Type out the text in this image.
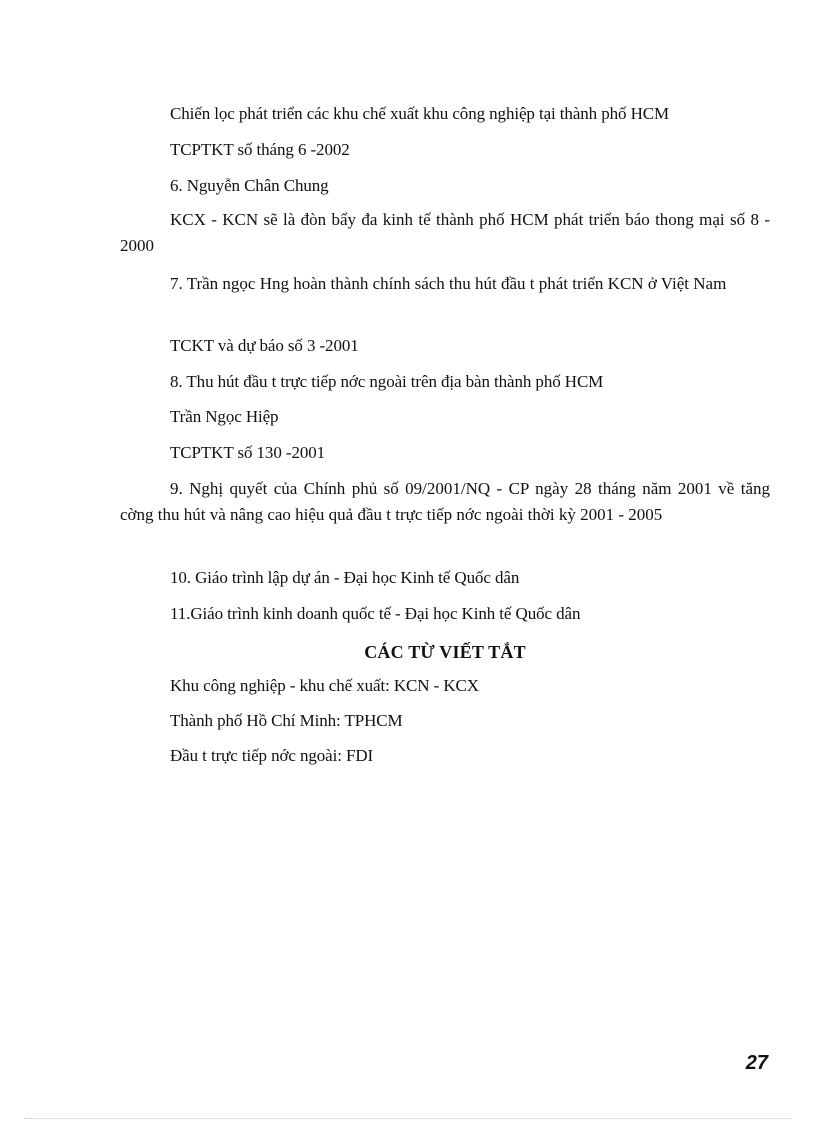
Chiến lọc phát triển các khu chế xuất khu công nghiệp tại thành phố HCM
TCPTKT số tháng 6 -2002
6. Nguyễn Chân Chung
KCX - KCN sẽ là đòn bẩy đa kinh tế thành phố HCM phát triển báo thong mại số 8 - 2000
7. Trần ngọc Hng hoàn thành chính sách thu hút đầu t phát triển KCN ở Việt Nam
TCKT và dự báo số 3 -2001
8. Thu hút đầu t trực tiếp nớc ngoài trên địa bàn thành phố HCM
Trần Ngọc Hiệp
TCPTKT số 130 -2001
9. Nghị quyết của Chính phủ số 09/2001/NQ - CP ngày 28 tháng năm 2001 về tăng cờng thu hút và nâng cao hiệu quả đầu t trực tiếp nớc ngoài thời kỳ 2001 - 2005
10. Giáo trình lập dự án - Đại học Kinh tế Quốc dân
11.Giáo trình kinh doanh quốc tế - Đại học Kinh tế Quốc dân
CÁC TỪ VIẾT TẮT
Khu công nghiệp - khu chế xuất: KCN - KCX
Thành phố Hồ Chí Minh: TPHCM
Đầu t trực tiếp nớc ngoài: FDI
27
